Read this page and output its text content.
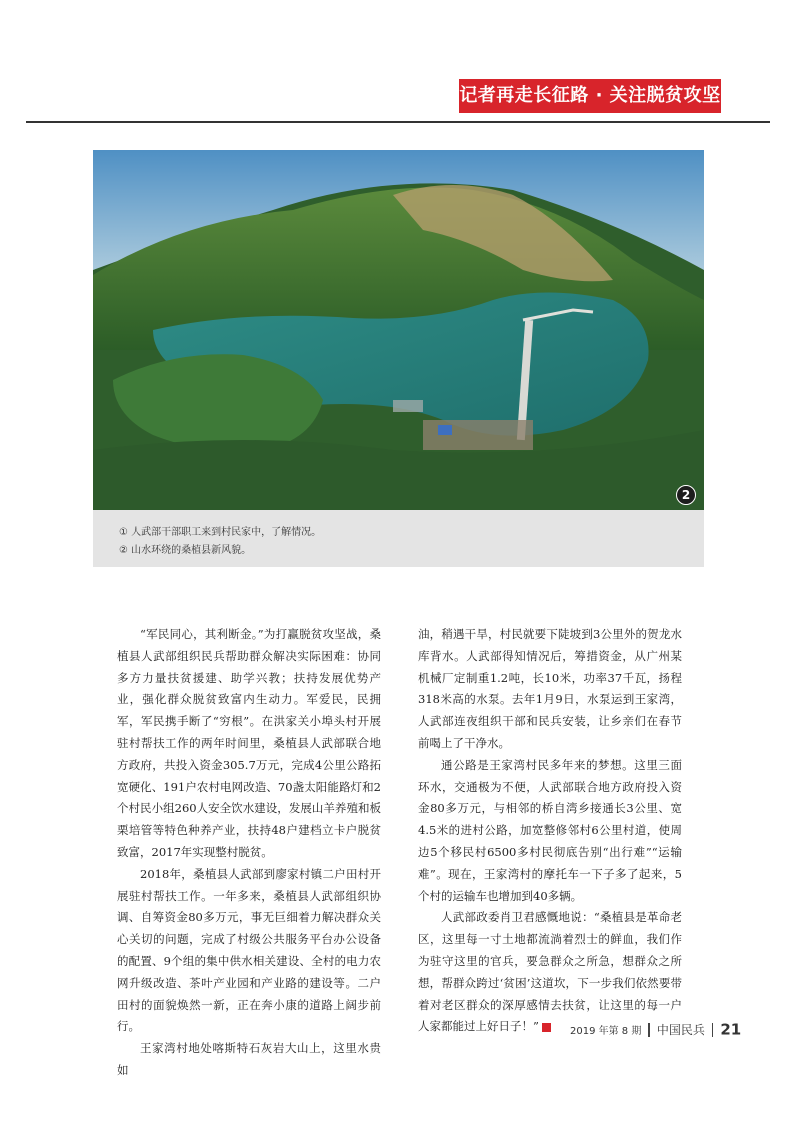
记者再走长征路 · 关注脱贫攻坚
2
① 人武部干部职工来到村民家中，了解情况。
② 山水环绕的桑植县新风貌。

“军民同心，其利断金。”为打赢脱贫攻坚战，桑植县人武部组织民兵帮助群众解决实际困难：协同多方力量扶贫援建、助学兴教；扶持发展优势产业，强化群众脱贫致富内生动力。军爱民，民拥军，军民携手断了“穷根”。在洪家关小埠头村开展驻村帮扶工作的两年时间里，桑植县人武部联合地方政府，共投入资金305.7万元，完成4公里公路拓宽硬化、191户农村电网改造、70盏太阳能路灯和2个村民小组260人安全饮水建设，发展山羊养殖和板栗培管等特色种养产业，扶持48户建档立卡户脱贫致富，2017年实现整村脱贫。

2018年，桑植县人武部到廖家村镇二户田村开展驻村帮扶工作。一年多来，桑植县人武部组织协调、自筹资金80多万元，事无巨细着力解决群众关心关切的问题，完成了村级公共服务平台办公设备的配置、9个组的集中供水相关建设、全村的电力农网升级改造、茶叶产业园和产业路的建设等。二户田村的面貌焕然一新，正在奔小康的道路上阔步前行。

王家湾村地处喀斯特石灰岩大山上，这里水贵如

油，稍遇干旱，村民就要下陡坡到3公里外的贺龙水库背水。人武部得知情况后，筹措资金，从广州某机械厂定制重1.2吨，长10米，功率37千瓦，扬程318米高的水泵。去年1月9日，水泵运到王家湾，人武部连夜组织干部和民兵安装，让乡亲们在春节前喝上了干净水。

通公路是王家湾村民多年来的梦想。这里三面环水，交通极为不便，人武部联合地方政府投入资金80多万元，与相邻的桥自湾乡接通长3公里、宽4.5米的进村公路，加宽整修邻村6公里村道，使周边5个移民村6500多村民彻底告别“出行难”“运输难”。现在，王家湾村的摩托车一下子多了起来，5个村的运输车也增加到40多辆。

人武部政委肖卫君感慨地说：“桑植县是革命老区，这里每一寸土地都流淌着烈士的鲜血，我们作为驻守这里的官兵，要急群众之所急，想群众之所想，帮群众跨过‘贫困’这道坎，下一步我们依然要带着对老区群众的深厚感情去扶贫，让这里的每一户人家都能过上好日子！”	J 2019 年第 8 期 中国民兵 21
